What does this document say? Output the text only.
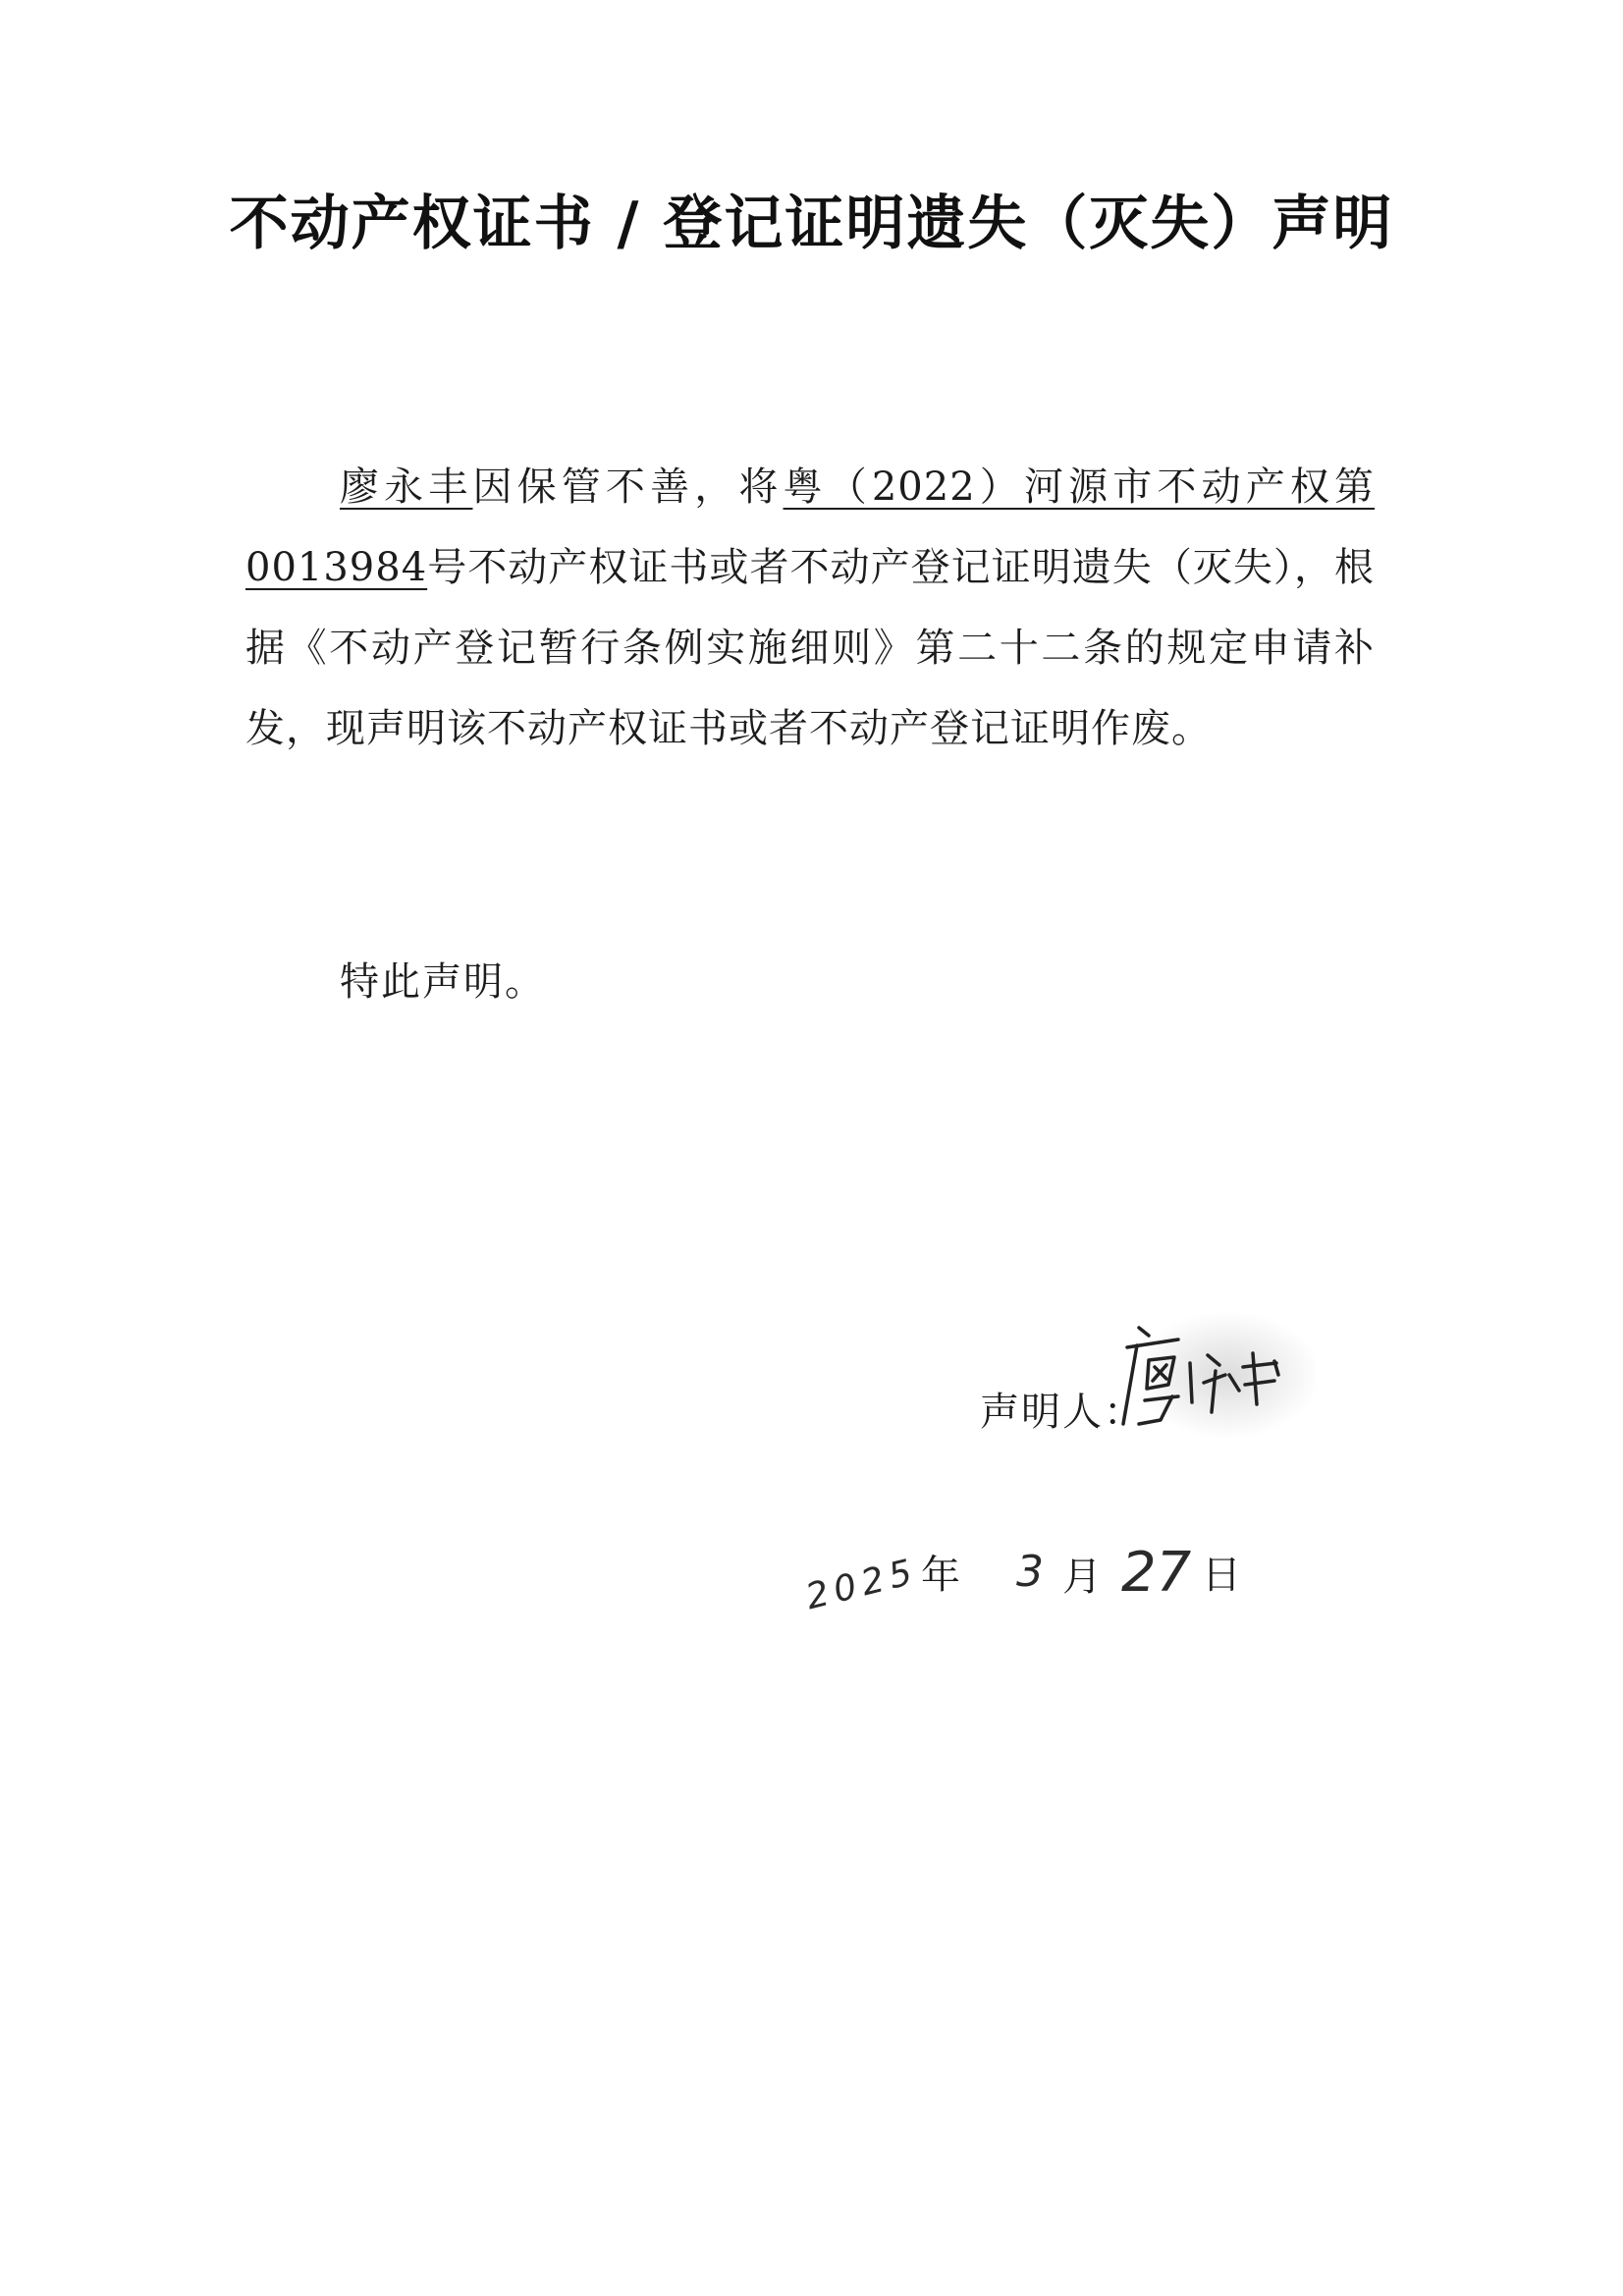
不动产权证书 / 登记证明遗失（灭失）声明

廖永丰因保管不善，将粤（2022）河源市不动产权第0013984号不动产权证书或者不动产登记证明遗失（灭失），根据《不动产登记暂行条例实施细则》第二十二条的规定申请补发，现声明该不动产权证书或者不动产登记证明作废。

特此声明。
声明人：
2025 年 3 月 27 日
